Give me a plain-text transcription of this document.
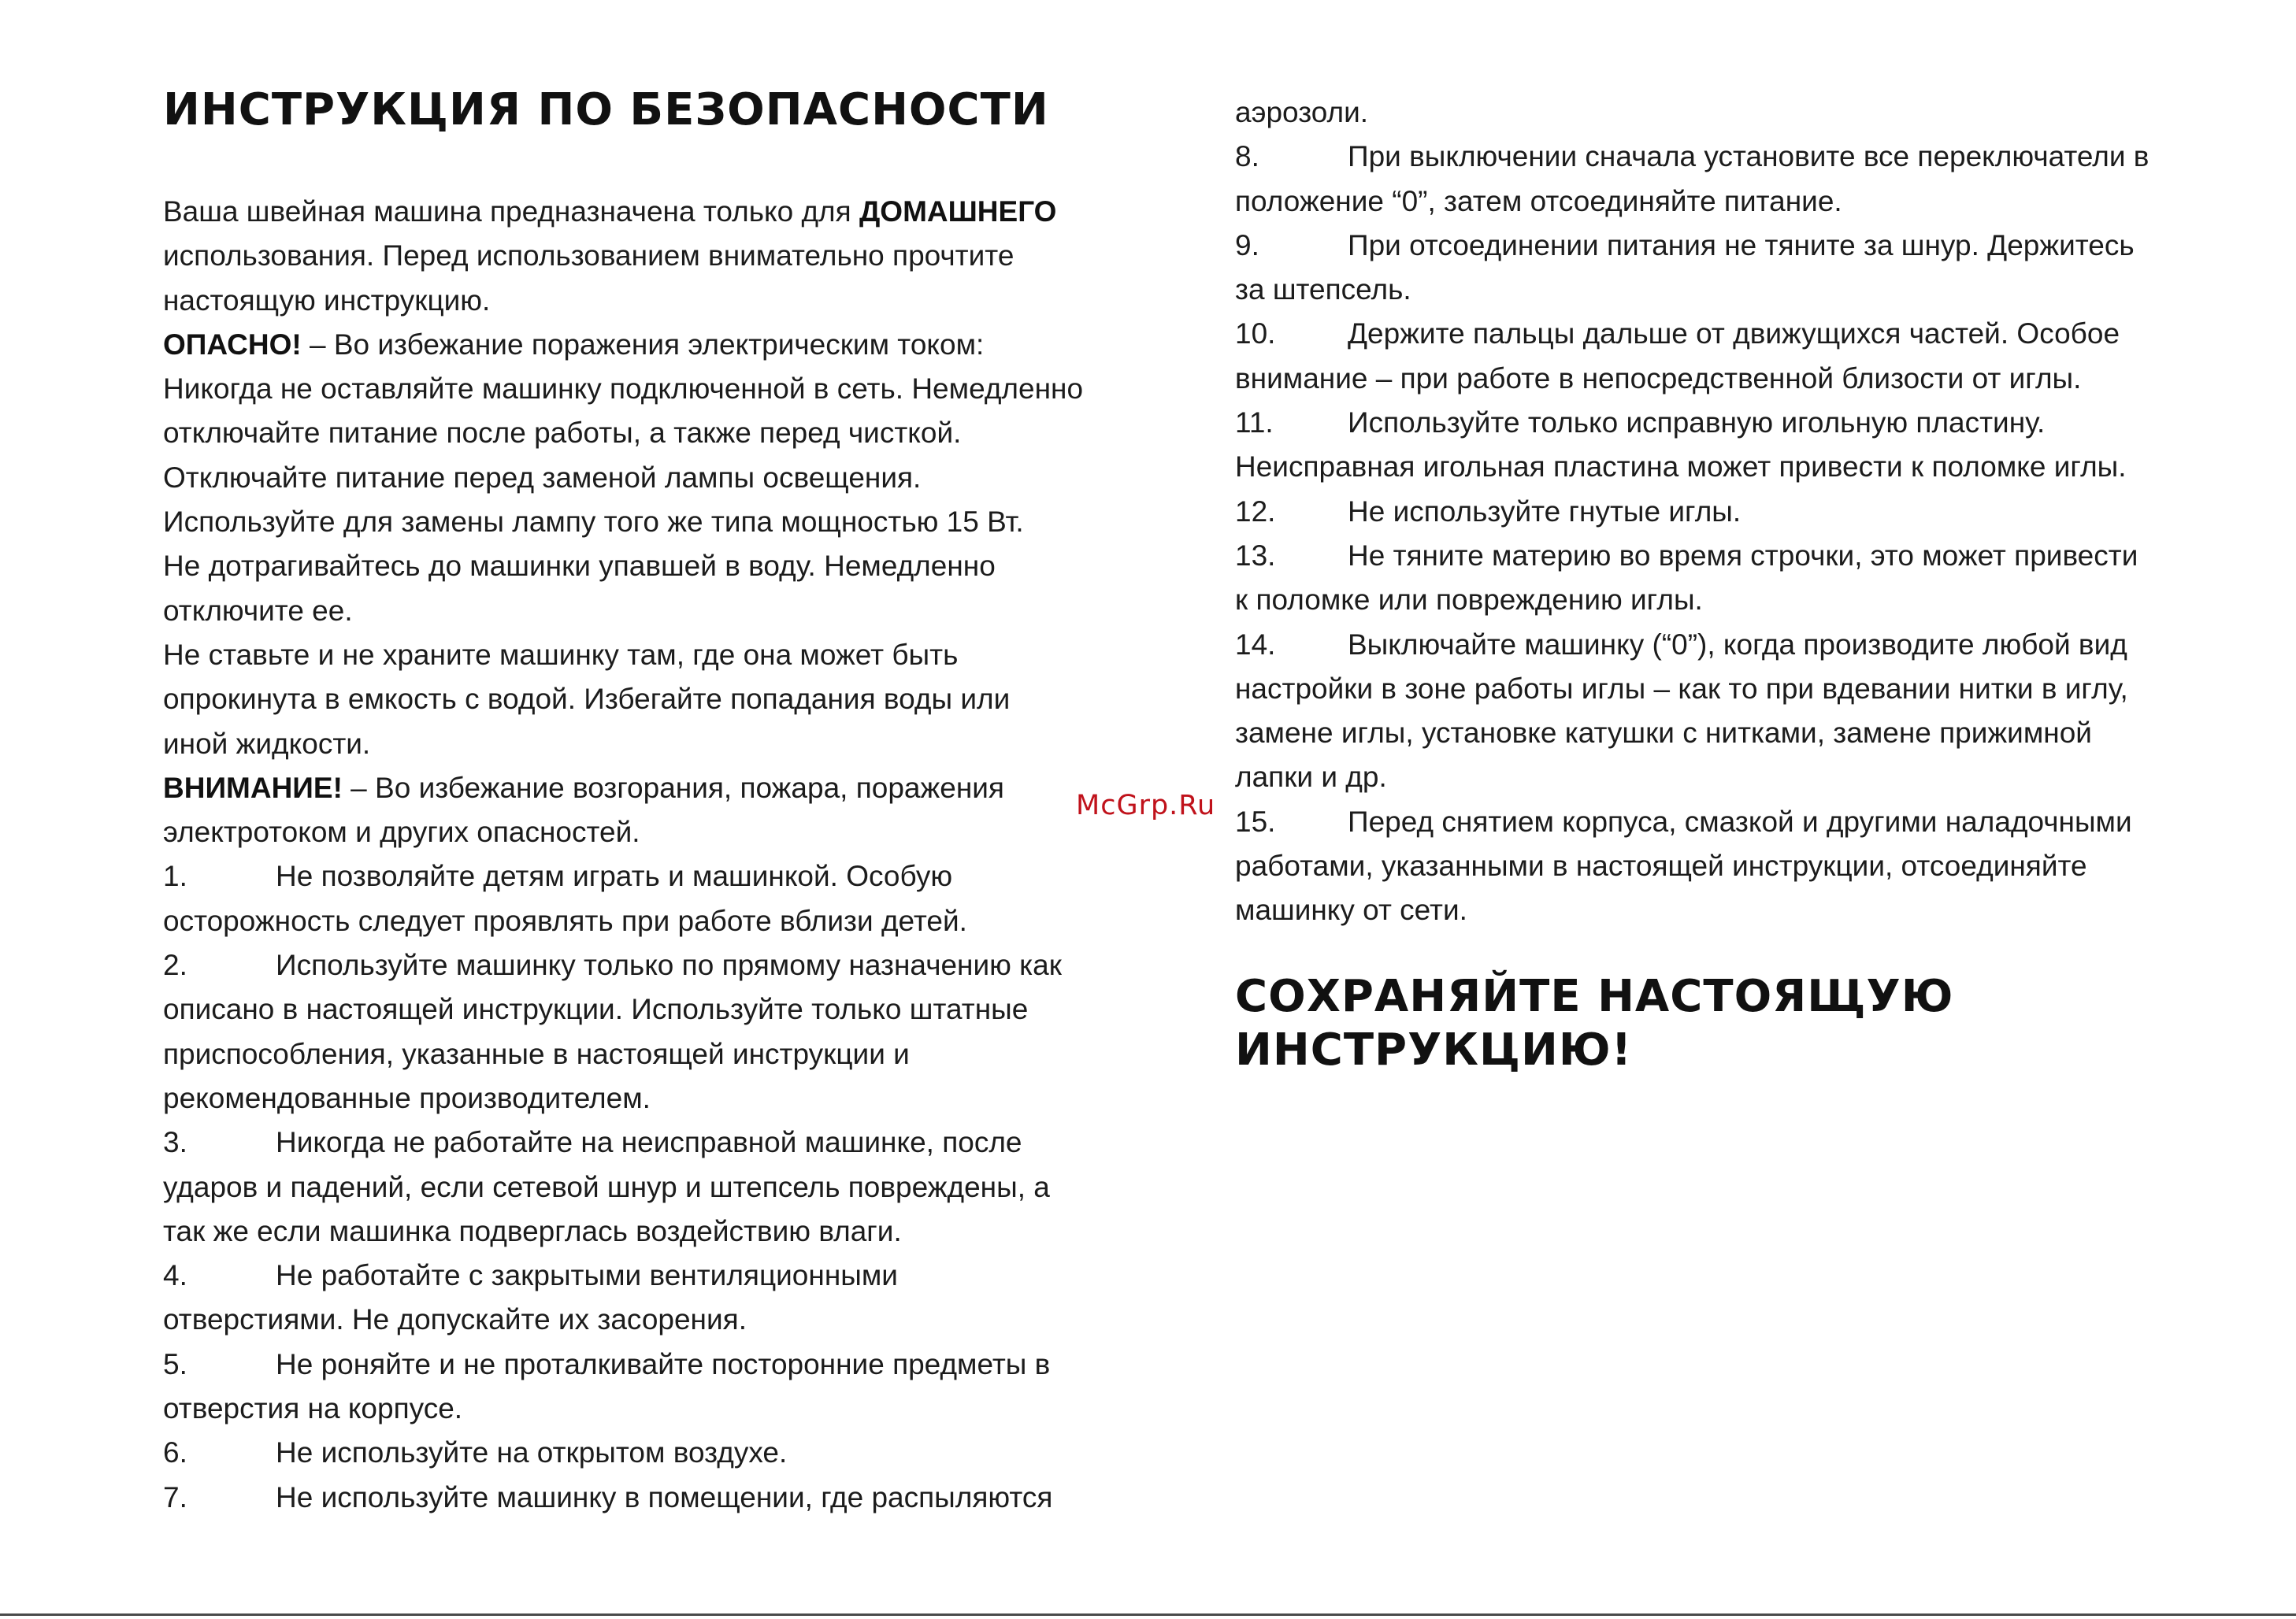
ИНСТРУКЦИЯ ПО БЕЗОПАСНОСТИ
Ваша швейная машина предназначена только для ДОМАШНЕГО
использования. Перед использованием внимательно прочтите
настоящую инструкцию.
ОПАСНО! – Во избежание поражения электрическим током:
Никогда не оставляйте машинку подключенной в сеть. Немедленно
отключайте питание после работы, а также перед чисткой.
Отключайте питание перед заменой лампы освещения.
Используйте для замены лампу того же типа мощностью 15 Вт.
Не дотрагивайтесь до машинки упавшей в воду. Немедленно
отключите ее.
Не ставьте и не храните машинку там, где она может быть
опрокинута в емкость с водой. Избегайте попадания воды или
иной жидкости.
ВНИМАНИЕ! – Во избежание возгорания, пожара, поражения
электротоком и других опасностей.
1.	Не позволяйте детям играть и машинкой. Особую
осторожность следует проявлять при работе вблизи детей.
2.	Используйте машинку только по прямому назначению как
описано в настоящей инструкции. Используйте только штатные
приспособления, указанные в настоящей инструкции и
рекомендованные производителем.
3.	Никогда не работайте на неисправной машинке, после
ударов и падений, если сетевой шнур и штепсель повреждены, а
так же если машинка подверглась воздействию влаги.
4.	Не работайте с закрытыми вентиляционными
отверстиями. Не допускайте их засорения.
5.	Не роняйте и не проталкивайте посторонние предметы в
отверстия на корпусе.
6.	Не используйте на открытом воздухе.
7.	Не используйте машинку в помещении, где распыляются
аэрозоли.
8.	При выключении сначала установите все переключатели в
положение “0”, затем отсоединяйте питание.
9.	При отсоединении питания не тяните за шнур. Держитесь
за штепсель.
10. Держите пальцы дальше от движущихся частей. Особое
внимание – при работе в непосредственной близости от иглы.
11.	Используйте только исправную игольную пластину.
Неисправная игольная пластина может привести к поломке иглы.
12. Не используйте гнутые иглы.
13. Не тяните материю во время строчки, это может привести
к поломке или повреждению иглы.
14. Выключайте машинку (“0”), когда производите любой вид
настройки в зоне работы иглы – как то при вдевании нитки в иглу,
замене иглы, установке катушки с нитками, замене прижимной
лапки и др.
15. Перед снятием корпуса, смазкой и другими наладочными
работами, указанными в настоящей инструкции, отсоединяйте
машинку от сети.
СОХРАНЯЙТЕ НАСТОЯЩУЮ
ИНСТРУКЦИЮ!
McGrp.Ru
